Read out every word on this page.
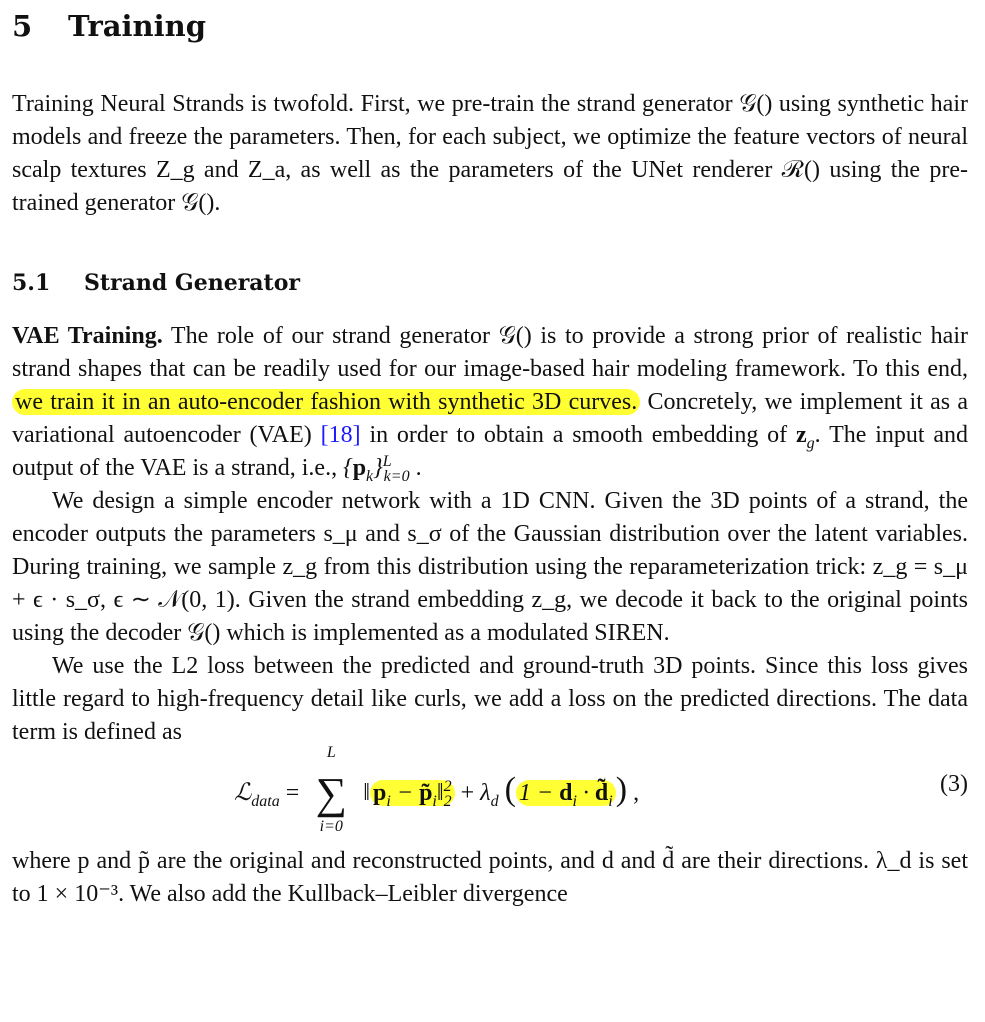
5 Training

Training Neural Strands is twofold. First, we pre-train the strand generator 𝒢() using synthetic hair models and freeze the parameters. Then, for each subject, we optimize the feature vectors of neural scalp textures Z_g and Z_a, as well as the parameters of the UNet renderer ℛ() using the pre-trained generator 𝒢().

5.1 Strand Generator

VAE Training. The role of our strand generator 𝒢() is to provide a strong prior of realistic hair strand shapes that can be readily used for our image-based hair modeling framework. To this end, we train it in an auto-encoder fashion with synthetic 3D curves. Concretely, we implement it as a variational autoencoder (VAE) [18] in order to obtain a smooth embedding of $z_g$. The input and output of the VAE is a strand, i.e., $\{p_k\}^L_{k=0}$ .

We design a simple encoder network with a 1D CNN. Given the 3D points of a strand, the encoder outputs the parameters s_μ and s_σ of the Gaussian distribution over the latent variables. During training, we sample z_g from this distribution using the reparameterization trick: z_g = s_μ + ϵ · s_σ, ϵ ∼ 𝒩(0, 1). Given the strand embedding z_g, we decode it back to the original points using the decoder 𝒢() which is implemented as a modulated SIREN.

We use the L2 loss between the predicted and ground-truth 3D points. Since this loss gives little regard to high-frequency detail like curls, we add a loss on the predicted directions. The data term is defined as

ℒ$_{data}$ =
L
∑
i=0
‖ $p_i$ − $p̃_i‖^2_2 + \lambda_d$ ( $1 - d_i$ · $d̃_i$) ,	(3)

where p and p̃ are the original and reconstructed points, and d and d̃ are their directions. λ_d is set to 1 × 10⁻³. We also add the Kullback–Leibler divergence
